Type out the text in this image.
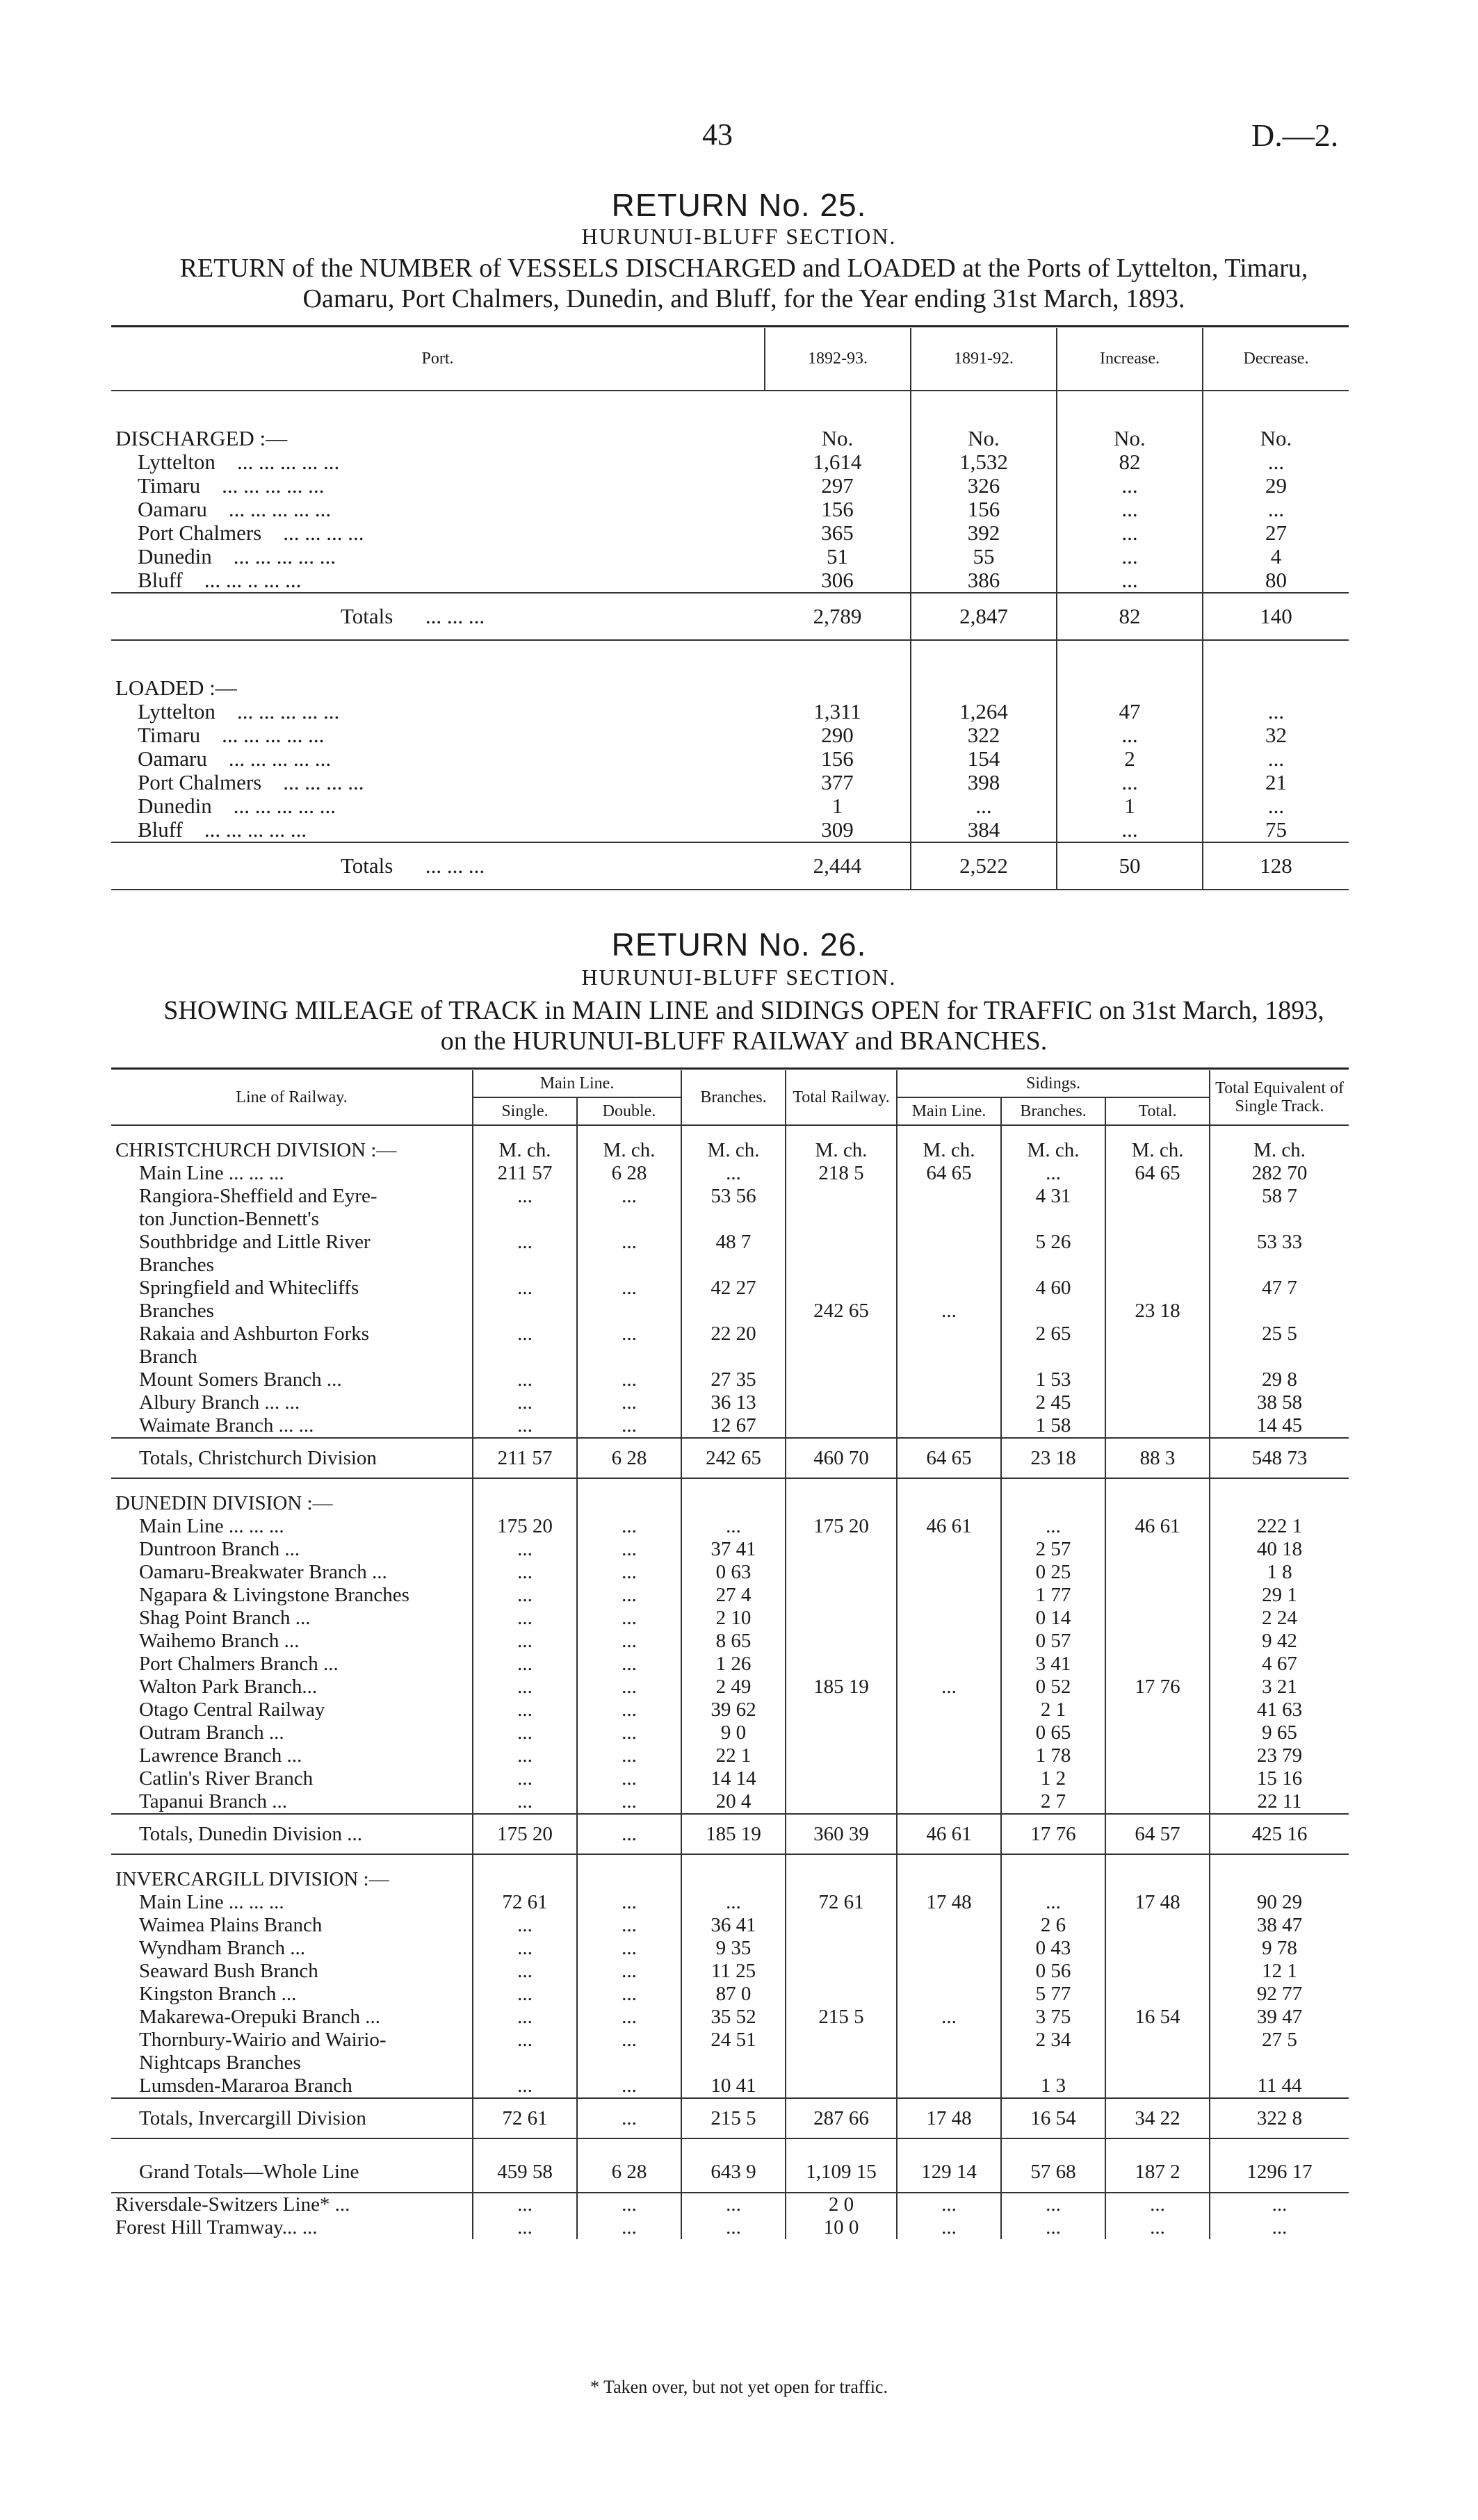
43	D.—2.
RETURN No. 25.
HURUNUI-BLUFF SECTION.
RETURN of the NUMBER of VESSELS DISCHARGED and LOADED at the Ports of Lyttelton, Timaru,
Oamaru, Port Chalmers, Dunedin, and Bluff, for the Year ending 31st March, 1893.
Port.	1892-93.	1891-92.	Increase.	Decrease.

DISCHARGED :—	No.	No.	No.	No.
Lyttelton ... ... ... ... ...	1,614	1,532	82	...
Timaru ... ... ... ... ...	297	326	...	29
Oamaru ... ... ... ... ...	156	156	...	...
Port Chalmers ... ... ... ...	365	392	...	27
Dunedin ... ... ... ... ...	51	55	...	4
Bluff ... ... .. ... ...	306	386	...	80
Totals ... ... ...	2,789	2,847	82	140

LOADED :—				
Lyttelton ... ... ... ... ...	1,311	1,264	47	...
Timaru ... ... ... ... ...	290	322	...	32
Oamaru ... ... ... ... ...	156	154	2	...
Port Chalmers ... ... ... ...	377	398	...	21
Dunedin ... ... ... ... ...	1	...	1	...
Bluff ... ... ... ... ...	309	384	...	75
Totals ... ... ...	2,444	2,522	50	128
RETURN No. 26.
HURUNUI-BLUFF SECTION.
SHOWING MILEAGE of TRACK in MAIN LINE and SIDINGS OPEN for TRAFFIC on 31st March, 1893,
on the HURUNUI-BLUFF RAILWAY and BRANCHES.
Line of Railway.	Main Line.		Branches.	Total Railway.	Sidings.			Total Equivalent of Single Track.
	Single.	Double.			Main Line.	Branches.	Total.	

CHRISTCHURCH DIVISION :—	M. ch.	M. ch.	M. ch.	M. ch.	M. ch.	M. ch.	M. ch.	M. ch.
Main Line ... ... ...	211 57	6 28	...	218 5	64 65	...	64 65	282 70
Rangiora-Sheffield and Eyre-	...	...	53 56			4 31		58 7
ton Junction-Bennett's								
Southbridge and Little River	...	...	48 7			5 26		53 33
Branches								
Springfield and Whitecliffs	...	...	42 27			4 60		47 7
Branches				242 65	...		23 18	
Rakaia and Ashburton Forks	...	...	22 20			2 65		25 5
Branch								
Mount Somers Branch ...	...	...	27 35			1 53		29 8
Albury Branch ... ...	...	...	36 13			2 45		38 58
Waimate Branch ... ...	...	...	12 67			1 58		14 45
Totals, Christchurch Division	211 57	6 28	242 65	460 70	64 65	23 18	88 3	548 73

DUNEDIN DIVISION :—								
Main Line ... ... ...	175 20	...	...	175 20	46 61	...	46 61	222 1
Duntroon Branch ...	...	...	37 41			2 57		40 18
Oamaru-Breakwater Branch ...	...	...	0 63			0 25		1 8
Ngapara & Livingstone Branches	...	...	27 4			1 77		29 1
Shag Point Branch ...	...	...	2 10			0 14		2 24
Waihemo Branch ...	...	...	8 65			0 57		9 42
Port Chalmers Branch ...	...	...	1 26			3 41		4 67
Walton Park Branch...	...	...	2 49	185 19	...	0 52	17 76	3 21
Otago Central Railway	...	...	39 62			2 1		41 63
Outram Branch ...	...	...	9 0			0 65		9 65
Lawrence Branch ...	...	...	22 1			1 78		23 79
Catlin's River Branch	...	...	14 14			1 2		15 16
Tapanui Branch ...	...	...	20 4			2 7		22 11
Totals, Dunedin Division ...	175 20	...	185 19	360 39	46 61	17 76	64 57	425 16

INVERCARGILL DIVISION :—								
Main Line ... ... ...	72 61	...	...	72 61	17 48	...	17 48	90 29
Waimea Plains Branch	...	...	36 41			2 6		38 47
Wyndham Branch ...	...	...	9 35			0 43		9 78
Seaward Bush Branch	...	...	11 25			0 56		12 1
Kingston Branch ...	...	...	87 0			5 77		92 77
Makarewa-Orepuki Branch ...	...	...	35 52	215 5	...	3 75	16 54	39 47
Thornbury-Wairio and Wairio-	...	...	24 51			2 34		27 5
Nightcaps Branches								
Lumsden-Mararoa Branch	...	...	10 41			1 3		11 44
Totals, Invercargill Division	72 61	...	215 5	287 66	17 48	16 54	34 22	322 8

Grand Totals—Whole Line	459 58	6 28	643 9	1,109 15	129 14	57 68	187 2	1296 17
Riversdale-Switzers Line* ...	...	...	...	2 0	...	...	...	...
Forest Hill Tramway... ...	...	...	...	10 0	...	...	...	...
* Taken over, but not yet open for traffic.
